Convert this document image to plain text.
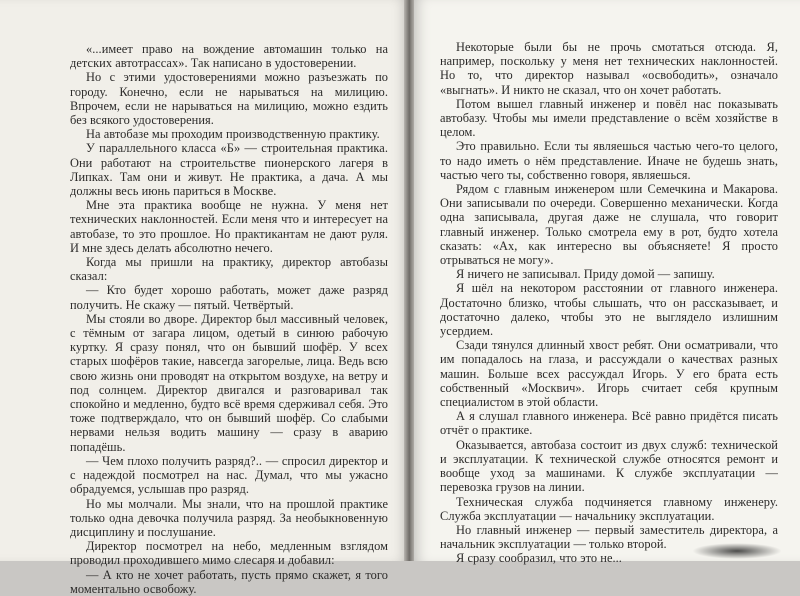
«...имеет право на вождение автомашин только на детских автотрассах». Так написано в удостоверении.

Но с этими удостоверениями можно разъезжать по городу. Конечно, если не нарываться на милицию. Впрочем, если не нарываться на милицию, можно ездить без всякого удостоверения.

На автобазе мы проходим производственную практику.

У параллельного класса «Б» — строительная практика. Они работают на строительстве пионерского лагеря в Липках. Там они и живут. Не практика, а дача. А мы должны весь июнь париться в Москве.

Мне эта практика вообще не нужна. У меня нет технических наклонностей. Если меня что и интересует на автобазе, то это прошлое. Но практикантам не дают руля. И мне здесь делать абсолютно нечего.

Когда мы пришли на практику, директор автобазы сказал:

— Кто будет хорошо работать, может даже разряд получить. Не скажу — пятый. Четвёртый.

Мы стояли во дворе. Директор был массивный человек, с тёмным от загара лицом, одетый в синюю рабочую куртку. Я сразу понял, что он бывший шофёр. У всех старых шофёров такие, навсегда загорелые, лица. Ведь всю свою жизнь они проводят на открытом воздухе, на ветру и под солнцем. Директор двигался и разговаривал так спокойно и медленно, будто всё время сдерживал себя. Это тоже подтверждало, что он бывший шофёр. Со слабыми нервами нельзя водить машину — сразу в аварию попадёшь.

— Чем плохо получить разряд?.. — спросил директор и с надеждой посмотрел на нас. Думал, что мы ужасно обрадуемся, услышав про разряд.

Но мы молчали. Мы знали, что на прошлой практике только одна девочка получила разряд. За необыкновенную дисциплину и послушание.

Директор посмотрел на небо, медленным взглядом проводил проходившего мимо слесаря и добавил:

— А кто не хочет работать, пусть прямо скажет, я того моментально освобожу.

Некоторые были бы не прочь смотаться отсюда. Я, например, поскольку у меня нет технических наклонностей. Но то, что директор называл «освободить», означало «выгнать». И никто не сказал, что он хочет работать.

Потом вышел главный инженер и повёл нас показывать автобазу. Чтобы мы имели представление о всём хозяйстве в целом.

Это правильно. Если ты являешься частью чего-то целого, то надо иметь о нём представление. Иначе не будешь знать, частью чего ты, собственно говоря, являешься.

Рядом с главным инженером шли Семечкина и Макарова. Они записывали по очереди. Совершенно механически. Когда одна записывала, другая даже не слушала, что говорит главный инженер. Только смотрела ему в рот, будто хотела сказать: «Ах, как интересно вы объясняете! Я просто отрываться не могу».

Я ничего не записывал. Приду домой — запишу.

Я шёл на некотором расстоянии от главного инженера. Достаточно близко, чтобы слышать, что он рассказывает, и достаточно далеко, чтобы это не выглядело излишним усердием.

Сзади тянулся длинный хвост ребят. Они осматривали, что им попадалось на глаза, и рассуждали о качествах разных машин. Больше всех рассуждал Игорь. У его брата есть собственный «Москвич». Игорь считает себя крупным специалистом в этой области.

А я слушал главного инженера. Всё равно придётся писать отчёт о практике.

Оказывается, автобаза состоит из двух служб: технической и эксплуатации. К технической службе относятся ремонт и вообще уход за машинами. К службе эксплуатации — перевозка грузов на линии.

Техническая служба подчиняется главному инженеру. Служба эксплуатации — начальнику эксплуатации.

Но главный инженер — первый заместитель директора, а начальник эксплуатации — только второй.

Я сразу сообразил, что это не...
